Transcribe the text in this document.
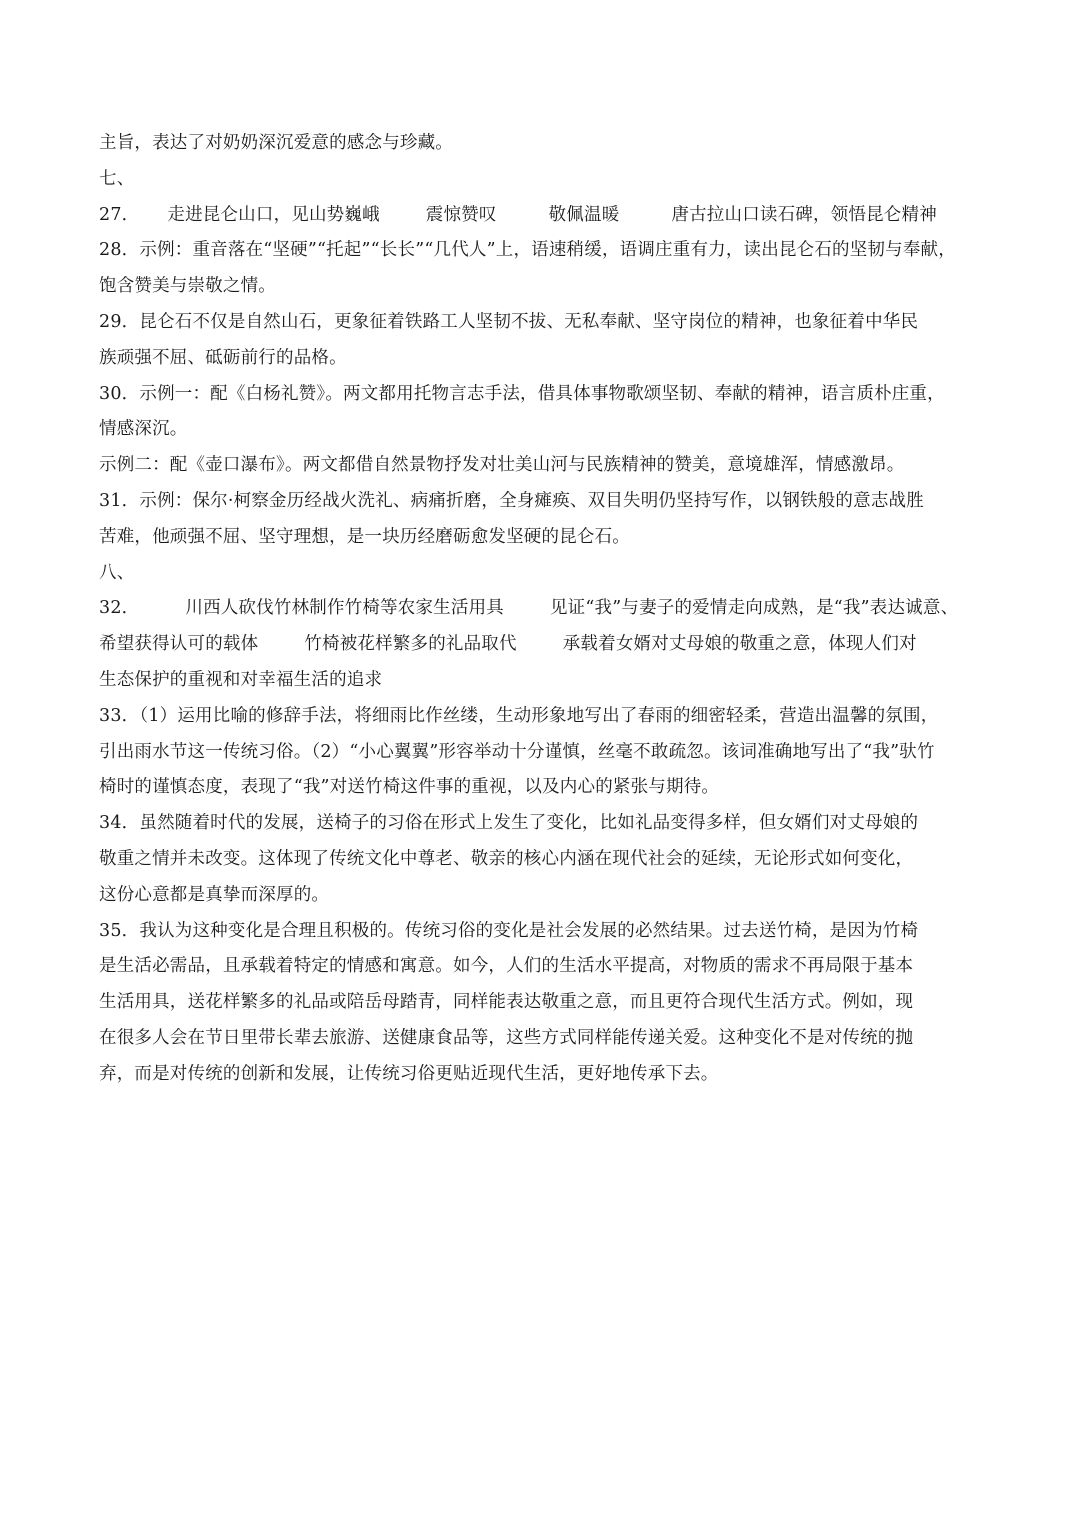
主旨，表达了对奶奶深沉爱意的感念与珍藏。
七、
27． 走进昆仑山口，见山势巍峨	震惊赞叹	敬佩温暖	唐古拉山口读石碑，领悟昆仑精神
28．示例：重音落在“坚硬”“托起”“长长”“几代人”上，语速稍缓，语调庄重有力，读出昆仑石的坚韧与奉献，
饱含赞美与崇敬之情。
29．昆仑石不仅是自然山石，更象征着铁路工人坚韧不拔、无私奉献、坚守岗位的精神，也象征着中华民
族顽强不屈、砥砺前行的品格。
30．示例一：配《白杨礼赞》。两文都用托物言志手法，借具体事物歌颂坚韧、奉献的精神，语言质朴庄重，
情感深沉。
示例二：配《壶口瀑布》。两文都借自然景物抒发对壮美山河与民族精神的赞美，意境雄浑，情感激昂。
31．示例：保尔·柯察金历经战火洗礼、病痛折磨，全身瘫痪、双目失明仍坚持写作，以钢铁般的意志战胜
苦难，他顽强不屈、坚守理想，是一块历经磨砺愈发坚硬的昆仑石。
八、
32．	川西人砍伐竹林制作竹椅等农家生活用具	见证“我”与妻子的爱情走向成熟，是“我”表达诚意、
希望获得认可的载体	竹椅被花样繁多的礼品取代	承载着女婿对丈母娘的敬重之意，体现人们对
生态保护的重视和对幸福生活的追求
33．（1）运用比喻的修辞手法，将细雨比作丝缕，生动形象地写出了春雨的细密轻柔，营造出温馨的氛围，
引出雨水节这一传统习俗。（2）“小心翼翼”形容举动十分谨慎，丝毫不敢疏忽。该词准确地写出了“我”驮竹
椅时的谨慎态度，表现了“我”对送竹椅这件事的重视，以及内心的紧张与期待。
34．虽然随着时代的发展，送椅子的习俗在形式上发生了变化，比如礼品变得多样，但女婿们对丈母娘的
敬重之情并未改变。这体现了传统文化中尊老、敬亲的核心内涵在现代社会的延续，无论形式如何变化，
这份心意都是真挚而深厚的。
35．我认为这种变化是合理且积极的。传统习俗的变化是社会发展的必然结果。过去送竹椅，是因为竹椅
是生活必需品，且承载着特定的情感和寓意。如今，人们的生活水平提高，对物质的需求不再局限于基本
生活用具，送花样繁多的礼品或陪岳母踏青，同样能表达敬重之意，而且更符合现代生活方式。例如，现
在很多人会在节日里带长辈去旅游、送健康食品等，这些方式同样能传递关爱。这种变化不是对传统的抛
弃，而是对传统的创新和发展，让传统习俗更贴近现代生活，更好地传承下去。
